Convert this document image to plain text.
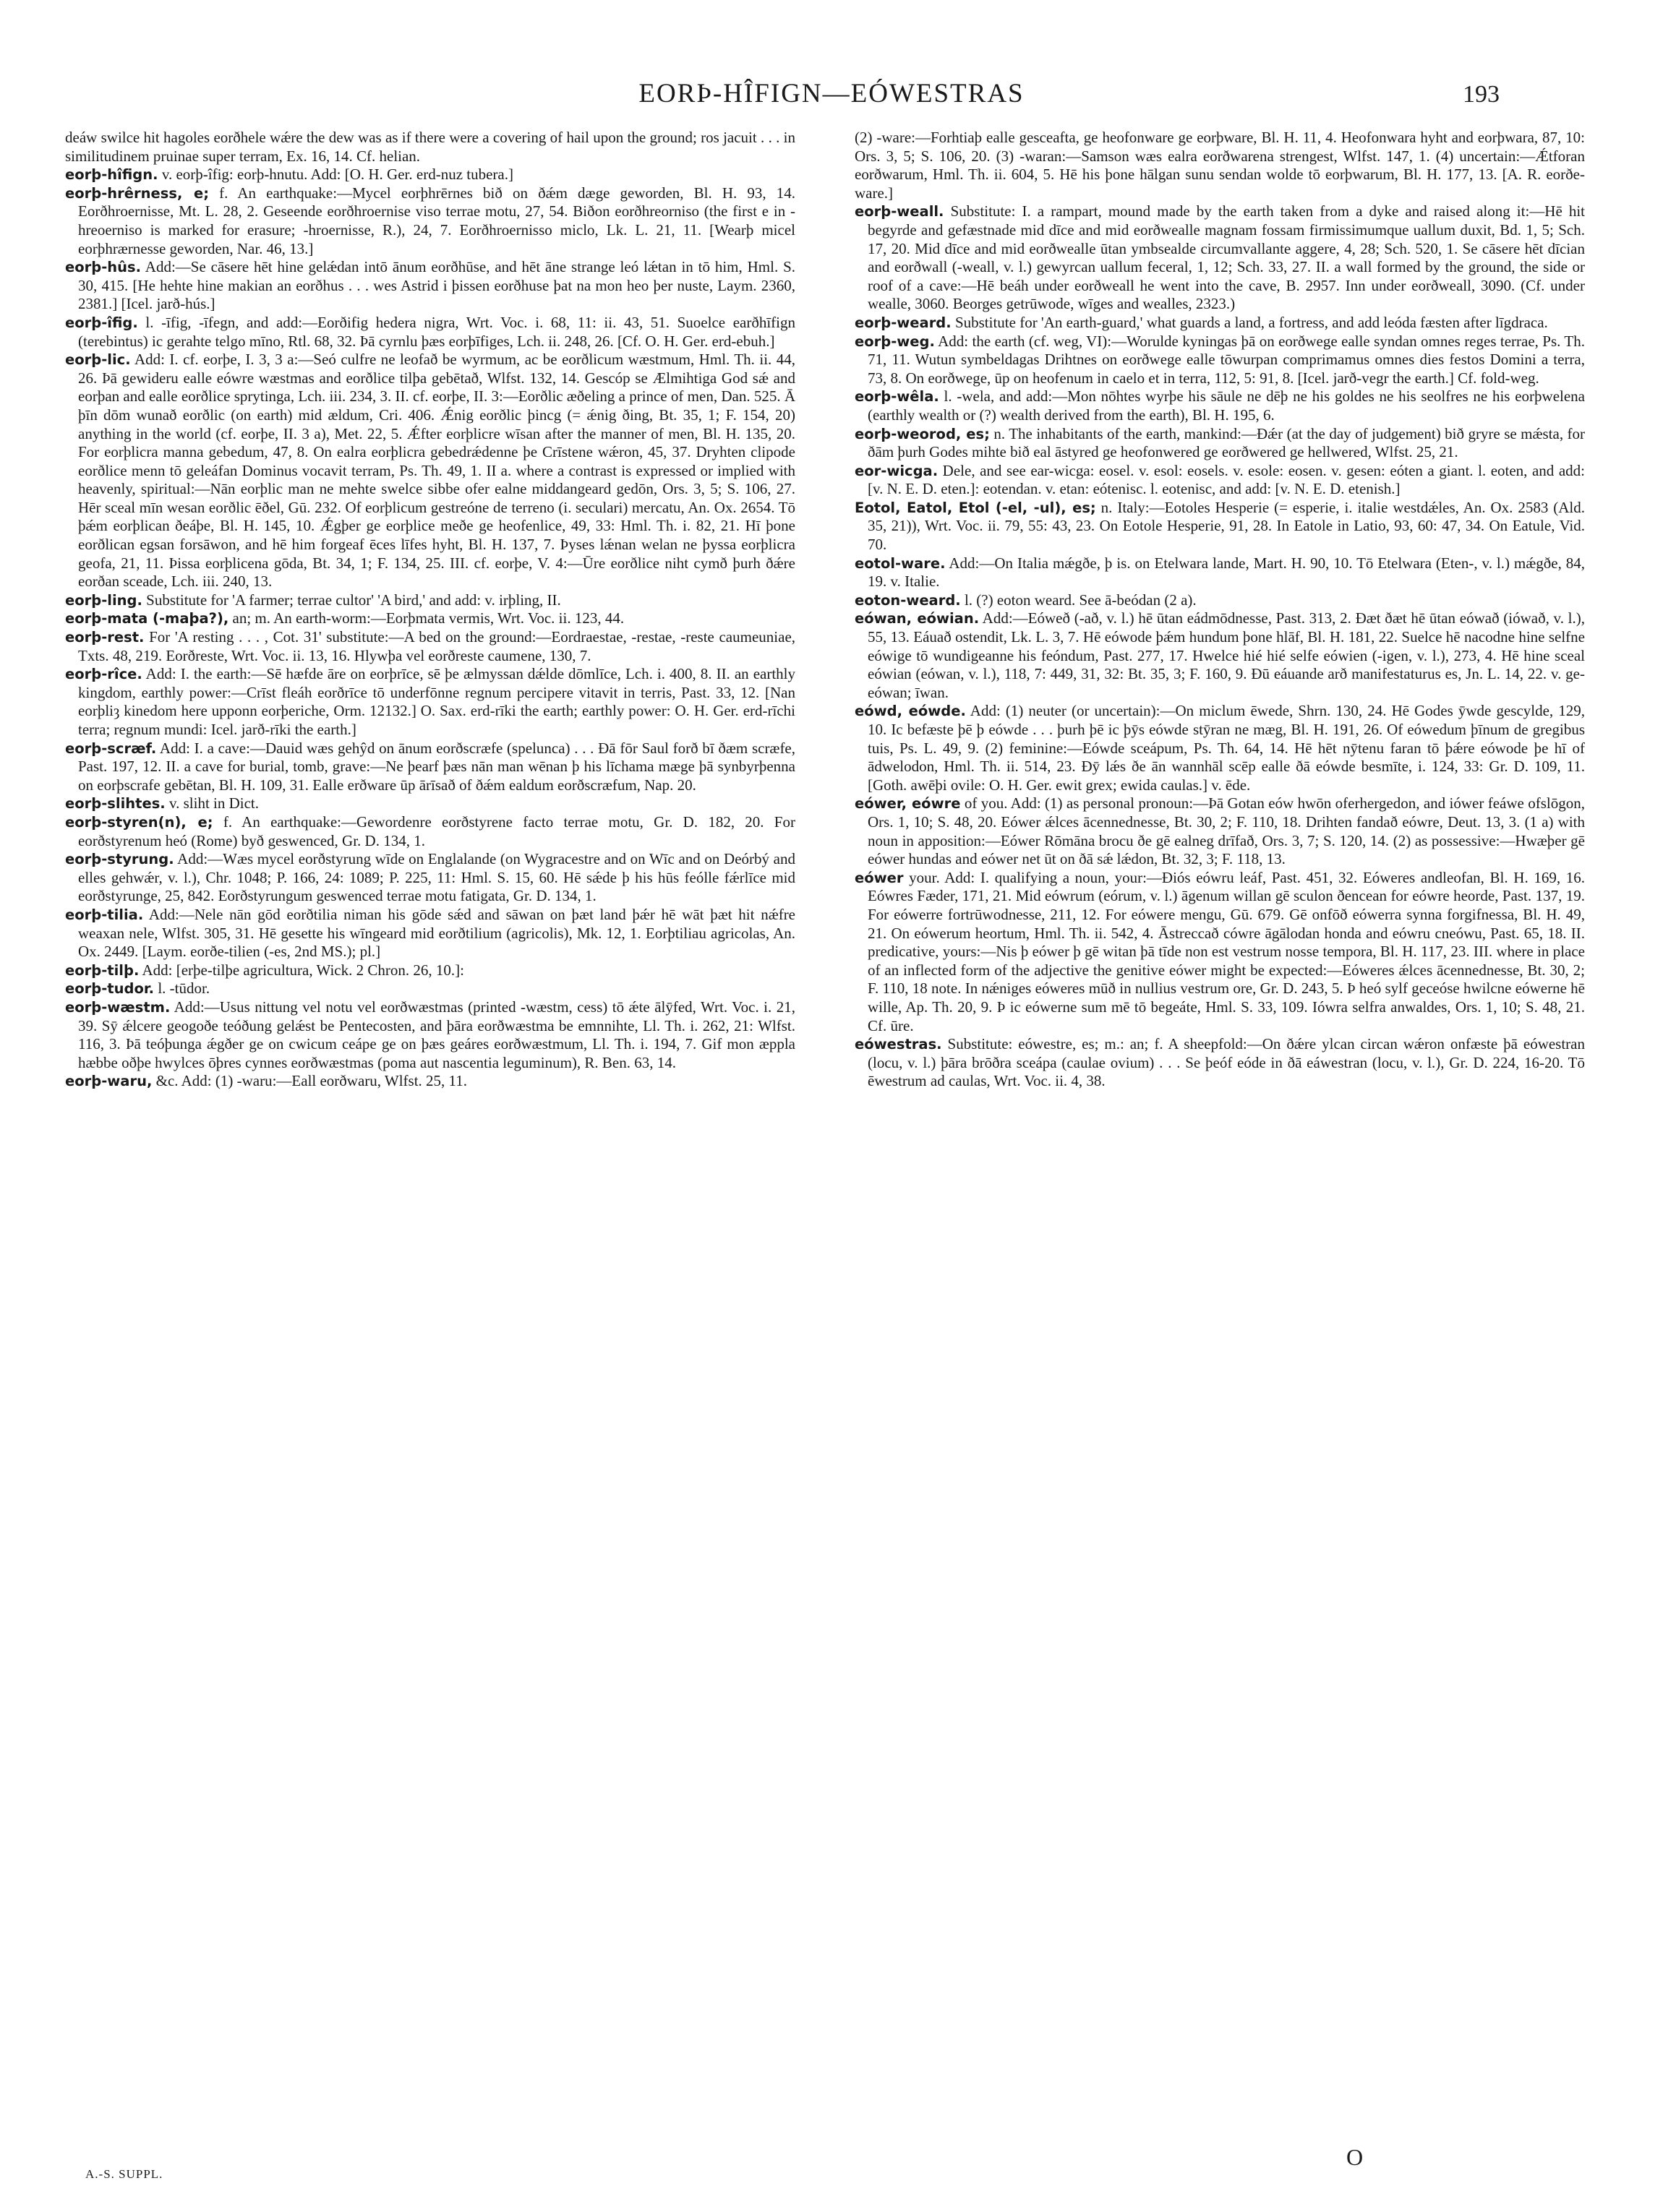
EORÞ-HÎFIGN—EÓWESTRAS	193

deáw swilce hit hagoles eorðhele wǽre the dew was as if there were a covering of hail upon the ground; ros jacuit . . . in similitudinem pruinae super terram, Ex. 16, 14. Cf. helian.

eorþ-hîfign. v. eorþ-îfig: eorþ-hnutu. Add: [O. H. Ger. erd-nuz tubera.]

eorþ-hrêrness, e; f. An earthquake:—Mycel eorþhrērnes bið on ðǽm dæge geworden, Bl. H. 93, 14. Eorðhroernisse, Mt. L. 28, 2. Geseende eorðhroernise viso terrae motu, 27, 54. Biðon eorðhreorniso (the first e in -hreoerniso is marked for erasure; -hroernisse, R.), 24, 7. Eorðhroernisso miclo, Lk. L. 21, 11. [Wearþ micel eorþhrærnesse geworden, Nar. 46, 13.]

eorþ-hûs. Add:—Se cāsere hēt hine gelǽdan intō ānum eorðhūse, and hēt āne strange leó lǽtan in tō him, Hml. S. 30, 415. [He hehte hine makian an eorðhus . . . wes Astrid i þissen eorðhuse þat na mon heo þer nuste, Laym. 2360, 2381.] [Icel. jarð-hús.]

eorþ-îfig. l. -īfig, -īfegn, and add:—Eorðifig hedera nigra, Wrt. Voc. i. 68, 11: ii. 43, 51. Suoelce earðhīfign (terebintus) ic gerahte telgo mīno, Rtl. 68, 32. Þā cyrnlu þæs eorþīfiges, Lch. ii. 248, 26. [Cf. O. H. Ger. erd-ebuh.]

eorþ-lic. Add: I. cf. eorþe, I. 3, 3 a:—Seó culfre ne leofað be wyrmum, ac be eorðlicum wæstmum, Hml. Th. ii. 44, 26. Þā gewideru ealle eówre wæstmas and eorðlice tilþa gebētað, Wlfst. 132, 14. Gescóp se Ælmihtiga God sǽ and eorþan and ealle eorðlice sprytinga, Lch. iii. 234, 3. II. cf. eorþe, II. 3:—Eorðlic æðeling a prince of men, Dan. 525. Ā þīn dōm wunað eorðlic (on earth) mid ældum, Cri. 406. Ǽnig eorðlic þincg (= ǽnig ðing, Bt. 35, 1; F. 154, 20) anything in the world (cf. eorþe, II. 3 a), Met. 22, 5. Ǽfter eorþlicre wīsan after the manner of men, Bl. H. 135, 20. For eorþlicra manna gebedum, 47, 8. On ealra eorþlicra gebedrǽdenne þe Crīstene wǽron, 45, 37. Dryhten clipode eorðlice menn tō geleáfan Dominus vocavit terram, Ps. Th. 49, 1. II a. where a contrast is expressed or implied with heavenly, spiritual:—Nān eorþlic man ne mehte swelce sibbe ofer ealne middangeard gedōn, Ors. 3, 5; S. 106, 27. Hēr sceal mīn wesan eorðlic ēðel, Gū. 232. Of eorþlicum gestreóne de terreno (i. seculari) mercatu, An. Ox. 2654. Tō þǽm eorþlican ðeáþe, Bl. H. 145, 10. Ǽgþer ge eorþlice meðe ge heofenlice, 49, 33: Hml. Th. i. 82, 21. Hī þone eorðlican egsan forsāwon, and hē him forgeaf ēces līfes hyht, Bl. H. 137, 7. Þyses lǽnan welan ne þyssa eorþlicra geofa, 21, 11. Þissa eorþlicena gōda, Bt. 34, 1; F. 134, 25. III. cf. eorþe, V. 4:—Ūre eorðlice niht cymð þurh ðǽre eorðan sceade, Lch. iii. 240, 13.

eorþ-ling. Substitute for 'A farmer; terrae cultor' 'A bird,' and add: v. irþling, II.

eorþ-mata (-maþa?), an; m. An earth-worm:—Eorþmata vermis, Wrt. Voc. ii. 123, 44.

eorþ-rest. For 'A resting . . . , Cot. 31' substitute:—A bed on the ground:—Eordraestae, -restae, -reste caumeuniae, Txts. 48, 219. Eorðreste, Wrt. Voc. ii. 13, 16. Hlywþa vel eorðreste caumene, 130, 7.

eorþ-rîce. Add: I. the earth:—Sē hæfde āre on eorþrīce, sē þe ælmyssan dǽlde dōmlīce, Lch. i. 400, 8. II. an earthly kingdom, earthly power:—Crīst fleáh eorðrīce tō underfōnne regnum percipere vitavit in terris, Past. 33, 12. [Nan eorþliȝ kinedom here upponn eorþeriche, Orm. 12132.] O. Sax. erd-rīki the earth; earthly power: O. H. Ger. erd-rīchi terra; regnum mundi: Icel. jarð-rīki the earth.]

eorþ-scræf. Add: I. a cave:—Dauid wæs gehŷd on ānum eorðscræfe (spelunca) . . . Ðā fōr Saul forð bī ðæm scræfe, Past. 197, 12. II. a cave for burial, tomb, grave:—Ne þearf þæs nān man wēnan þ his līchama mæge þā synbyrþenna on eorþscrafe gebētan, Bl. H. 109, 31. Ealle erðware ūp ārīsað of ðǽm ealdum eorðscræfum, Nap. 20.

eorþ-slihtes. v. sliht in Dict.

eorþ-styren(n), e; f. An earthquake:—Gewordenre eorðstyrene facto terrae motu, Gr. D. 182, 20. For eorðstyrenum heó (Rome) byð geswenced, Gr. D. 134, 1.

eorþ-styrung. Add:—Wæs mycel eorðstyrung wīde on Englalande (on Wygracestre and on Wīc and on Deórbý and elles gehwǽr, v. l.), Chr. 1048; P. 166, 24: 1089; P. 225, 11: Hml. S. 15, 60. Hē sǽde þ his hūs feólle fǽrlīce mid eorðstyrunge, 25, 842. Eorðstyrungum geswenced terrae motu fatigata, Gr. D. 134, 1.

eorþ-tilia. Add:—Nele nān gōd eorðtilia niman his gōde sǽd and sāwan on þæt land þǽr hē wāt þæt hit nǽfre weaxan nele, Wlfst. 305, 31. Hē gesette his wīngeard mid eorðtilium (agricolis), Mk. 12, 1. Eorþtiliau agricolas, An. Ox. 2449. [Laym. eorðe-tilien (-es, 2nd MS.); pl.]

eorþ-tilþ. Add: [erþe-tilþe agricultura, Wick. 2 Chron. 26, 10.]:

eorþ-tudor. l. -tūdor.

eorþ-wæstm. Add:—Usus nittung vel notu vel eorðwæstmas (printed -wæstm, cess) tō ǽte ālȳfed, Wrt. Voc. i. 21, 39. Sȳ ǽlcere geogoðe teóðung gelǽst be Pentecosten, and þāra eorðwæstma be emnnihte, Ll. Th. i. 262, 21: Wlfst. 116, 3. Þā teóþunga ǽgðer ge on cwicum ceápe ge on þæs geáres eorðwæstmum, Ll. Th. i. 194, 7. Gif mon æppla hæbbe oðþe hwylces ōþres cynnes eorðwæstmas (poma aut nascentia leguminum), R. Ben. 63, 14.

eorþ-waru, &c. Add: (1) -waru:—Eall eorðwaru, Wlfst. 25, 11.

(2) -ware:—Forhtiaþ ealle gesceafta, ge heofonware ge eorþware, Bl. H. 11, 4. Heofonwara hyht and eorþwara, 87, 10: Ors. 3, 5; S. 106, 20. (3) -waran:—Samson wæs ealra eorðwarena strengest, Wlfst. 147, 1. (4) uncertain:—Ǽtforan eorðwarum, Hml. Th. ii. 604, 5. Hē his þone hālgan sunu sendan wolde tō eorþwarum, Bl. H. 177, 13. [A. R. eorðe-ware.]

eorþ-weall. Substitute: I. a rampart, mound made by the earth taken from a dyke and raised along it:—Hē hit begyrde and gefæstnade mid dīce and mid eorðwealle magnam fossam firmissimumque uallum duxit, Bd. 1, 5; Sch. 17, 20. Mid dīce and mid eorðwealle ūtan ymbsealde circumvallante aggere, 4, 28; Sch. 520, 1. Se cāsere hēt dīcian and eorðwall (-weall, v. l.) gewyrcan uallum feceral, 1, 12; Sch. 33, 27. II. a wall formed by the ground, the side or roof of a cave:—Hē beáh under eorðweall he went into the cave, B. 2957. Inn under eorðweall, 3090. (Cf. under wealle, 3060. Beorges getrūwode, wīges and wealles, 2323.)

eorþ-weard. Substitute for 'An earth-guard,' what guards a land, a fortress, and add leóda fæsten after līgdraca.

eorþ-weg. Add: the earth (cf. weg, VI):—Worulde kyningas þā on eorðwege ealle syndan omnes reges terrae, Ps. Th. 71, 11. Wutun symbeldagas Drihtnes on eorðwege ealle tōwurpan comprimamus omnes dies festos Domini a terra, 73, 8. On eorðwege, ūp on heofenum in caelo et in terra, 112, 5: 91, 8. [Icel. jarð-vegr the earth.] Cf. fold-weg.

eorþ-wêla. l. -wela, and add:—Mon nōhtes wyrþe his sāule ne dēþ ne his goldes ne his seolfres ne his eorþwelena (earthly wealth or (?) wealth derived from the earth), Bl. H. 195, 6.

eorþ-weorod, es; n. The inhabitants of the earth, mankind:—Ðǽr (at the day of judgement) bið gryre se mǽsta, for ðām þurh Godes mihte bið eal āstyred ge heofonwered ge eorðwered ge hellwered, Wlfst. 25, 21.

eor-wicga. Dele, and see ear-wicga: eosel. v. esol: eosels. v. esole: eosen. v. gesen: eóten a giant. l. eoten, and add: [v. N. E. D. eten.]: eotendan. v. etan: eótenisc. l. eotenisc, and add: [v. N. E. D. etenish.]

Eotol, Eatol, Etol (-el, -ul), es; n. Italy:—Eotoles Hesperie (= esperie, i. italie westdǽles, An. Ox. 2583 (Ald. 35, 21)), Wrt. Voc. ii. 79, 55: 43, 23. On Eotole Hesperie, 91, 28. In Eatole in Latio, 93, 60: 47, 34. On Eatule, Vid. 70.

eotol-ware. Add:—On Italia mǽgðe, þ is. on Etelwara lande, Mart. H. 90, 10. Tō Etelwara (Eten-, v. l.) mǽgðe, 84, 19. v. Italie.

eoton-weard. l. (?) eoton weard. See ā-beódan (2 a).

eówan, eówian. Add:—Eóweð (-að, v. l.) hē ūtan eádmōdnesse, Past. 313, 2. Ðæt ðæt hē ūtan eówað (iówað, v. l.), 55, 13. Eáuað ostendit, Lk. L. 3, 7. Hē eówode þǽm hundum þone hlāf, Bl. H. 181, 22. Suelce hē nacodne hine selfne eówige tō wundigeanne his feóndum, Past. 277, 17. Hwelce hié hié selfe eówien (-igen, v. l.), 273, 4. Hē hine sceal eówian (eówan, v. l.), 118, 7: 449, 31, 32: Bt. 35, 3; F. 160, 9. Ðū eáuande arð manifestaturus es, Jn. L. 14, 22. v. ge-eówan; īwan.

eówd, eówde. Add: (1) neuter (or uncertain):—On miclum ēwede, Shrn. 130, 24. Hē Godes ȳwde gescylde, 129, 10. Ic befæste þē þ eówde . . . þurh þē ic þȳs eówde stȳran ne mæg, Bl. H. 191, 26. Of eówedum þīnum de gregibus tuis, Ps. L. 49, 9. (2) feminine:—Eówde sceápum, Ps. Th. 64, 14. Hē hēt nȳtenu faran tō þǽre eówode þe hī of ādwelodon, Hml. Th. ii. 514, 23. Ðȳ lǽs ðe ān wannhāl scēp ealle ðā eówde besmīte, i. 124, 33: Gr. D. 109, 11. [Goth. awēþi ovile: O. H. Ger. ewit grex; ewida caulas.] v. ēde.

eówer, eówre of you. Add: (1) as personal pronoun:—Þā Gotan eów hwōn oferhergedon, and iówer feáwe ofslōgon, Ors. 1, 10; S. 48, 20. Eówer ǽlces ācennednesse, Bt. 30, 2; F. 110, 18. Drihten fandað eówre, Deut. 13, 3. (1 a) with noun in apposition:—Eówer Rōmāna brocu ðe gē ealneg drīfað, Ors. 3, 7; S. 120, 14. (2) as possessive:—Hwæþer gē eówer hundas and eówer net ūt on ðā sǽ lǽdon, Bt. 32, 3; F. 118, 13.

eówer your. Add: I. qualifying a noun, your:—Ðiós eówru leáf, Past. 451, 32. Eóweres andleofan, Bl. H. 169, 16. Eówres Fæder, 171, 21. Mid eówrum (eórum, v. l.) āgenum willan gē sculon ðencean for eówre heorde, Past. 137, 19. For eówerre fortrūwodnesse, 211, 12. For eówere mengu, Gū. 679. Gē onfōð eówerra synna forgifnessa, Bl. H. 49, 21. On eówerum heortum, Hml. Th. ii. 542, 4. Āstreccað cówre āgālodan honda and eówru cneówu, Past. 65, 18. II. predicative, yours:—Nis þ eówer þ gē witan þā tīde non est vestrum nosse tempora, Bl. H. 117, 23. III. where in place of an inflected form of the adjective the genitive eówer might be expected:—Eóweres ǽlces ācennednesse, Bt. 30, 2; F. 110, 18 note. In nǽniges eóweres mūð in nullius vestrum ore, Gr. D. 243, 5. Þ heó sylf geceóse hwilcne eówerne hē wille, Ap. Th. 20, 9. Þ ic eówerne sum mē tō begeáte, Hml. S. 33, 109. Iówra selfra anwaldes, Ors. 1, 10; S. 48, 21. Cf. ūre.

eówestras. Substitute: eówestre, es; m.: an; f. A sheepfold:—On ðǽre ylcan circan wǽron onfæste þā eówestran (locu, v. l.) þāra brōðra sceápa (caulae ovium) . . . Se þeóf eóde in ðā eáwestran (locu, v. l.), Gr. D. 224, 16-20. Tō ēwestrum ad caulas, Wrt. Voc. ii. 4, 38.

A.-S. SUPPL.
O
